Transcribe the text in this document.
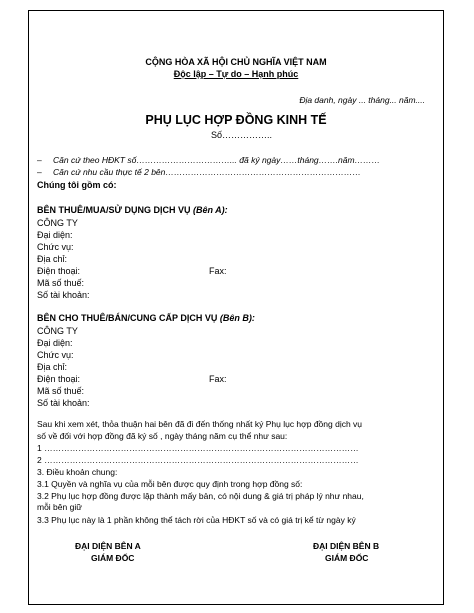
CỘNG HÒA XÃ HỘI CHỦ NGHĨA VIỆT NAM
Độc lập – Tự do – Hạnh phúc
Địa danh, ngày ... tháng... năm....
PHỤ LỤC HỢP ĐỒNG KINH TẾ
Số……………..
– Căn cứ theo HĐKT số……………………………... đã ký ngày……tháng…….năm………
– Căn cứ nhu cầu thực tế 2 bên……………………………………………………………
Chúng tôi gồm có:
BÊN THUÊ/MUA/SỬ DỤNG DỊCH VỤ (Bên A):
CÔNG TY
Đại diện:
Chức vụ:
Địa chỉ:
Điện thoại:	Fax:
Mã số thuế:
Số tài khoản:
BÊN CHO THUÊ/BÁN/CUNG CẤP DỊCH VỤ (Bên B):
CÔNG TY
Đại diện:
Chức vụ:
Địa chỉ:
Điện thoại:	Fax:
Mã số thuế:
Số tài khoản:
Sau khi xem xét, thỏa thuận hai bên đã đi đến thống nhất ký Phụ lục hợp đồng dịch vụ
số về đối với hợp đồng đã ký số , ngày tháng năm cụ thể như sau:
1 …………………………………………………………………………………………………
2 …………………………………………………………………………………………………
3. Điều khoản chung:
3.1 Quyền và nghĩa vụ của mỗi bên được quy định trong hợp đồng số:
3.2 Phụ lục hợp đồng được lập thành mấy bản, có nội dung & giá trị pháp lý như nhau,
mỗi bên giữ
3.3 Phụ lục này là 1 phần không thể tách rời của HĐKT số và có giá trị kể từ ngày ký
ĐẠI DIỆN BÊN A
GIÁM ĐỐC
ĐẠI DIỆN BÊN B
GIÁM ĐỐC
